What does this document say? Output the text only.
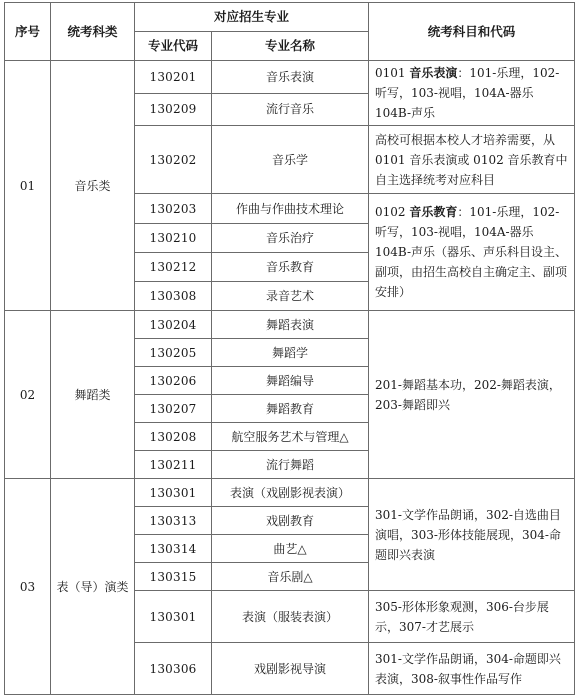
序号	统考科类	对应招生专业		统考科目和代码
		专业代码	专业名称	
01	音乐类	130201	音乐表演	0101 音乐表演：101-乐理，102-听写，103-视唱，104A-器乐 104B-声乐
		130209	流行音乐	
		130202	音乐学	高校可根据本校人才培养需要，从 0101 音乐表演或 0102 音乐教育中自主选择统考对应科目
		130203	作曲与作曲技术理论	0102 音乐教育：101-乐理，102-听写，103-视唱，104A-器乐 104B-声乐（器乐、声乐科目设主、副项，由招生高校自主确定主、副项安排）
		130210	音乐治疗	
		130212	音乐教育	
		130308	录音艺术	
02	舞蹈类	130204	舞蹈表演	201-舞蹈基本功，202-舞蹈表演，203-舞蹈即兴
		130205	舞蹈学	
		130206	舞蹈编导	
		130207	舞蹈教育	
		130208	航空服务艺术与管理△	
		130211	流行舞蹈	
03	表（导）演类	130301	表演（戏剧影视表演）	301-文学作品朗诵，302-自选曲目演唱，303-形体技能展现，304-命题即兴表演
		130313	戏剧教育	
		130314	曲艺△	
		130315	音乐剧△	
		130301	表演（服装表演）	305-形体形象观测，306-台步展示，307-才艺展示
		130306	戏剧影视导演	301-文学作品朗诵，304-命题即兴表演，308-叙事性作品写作
